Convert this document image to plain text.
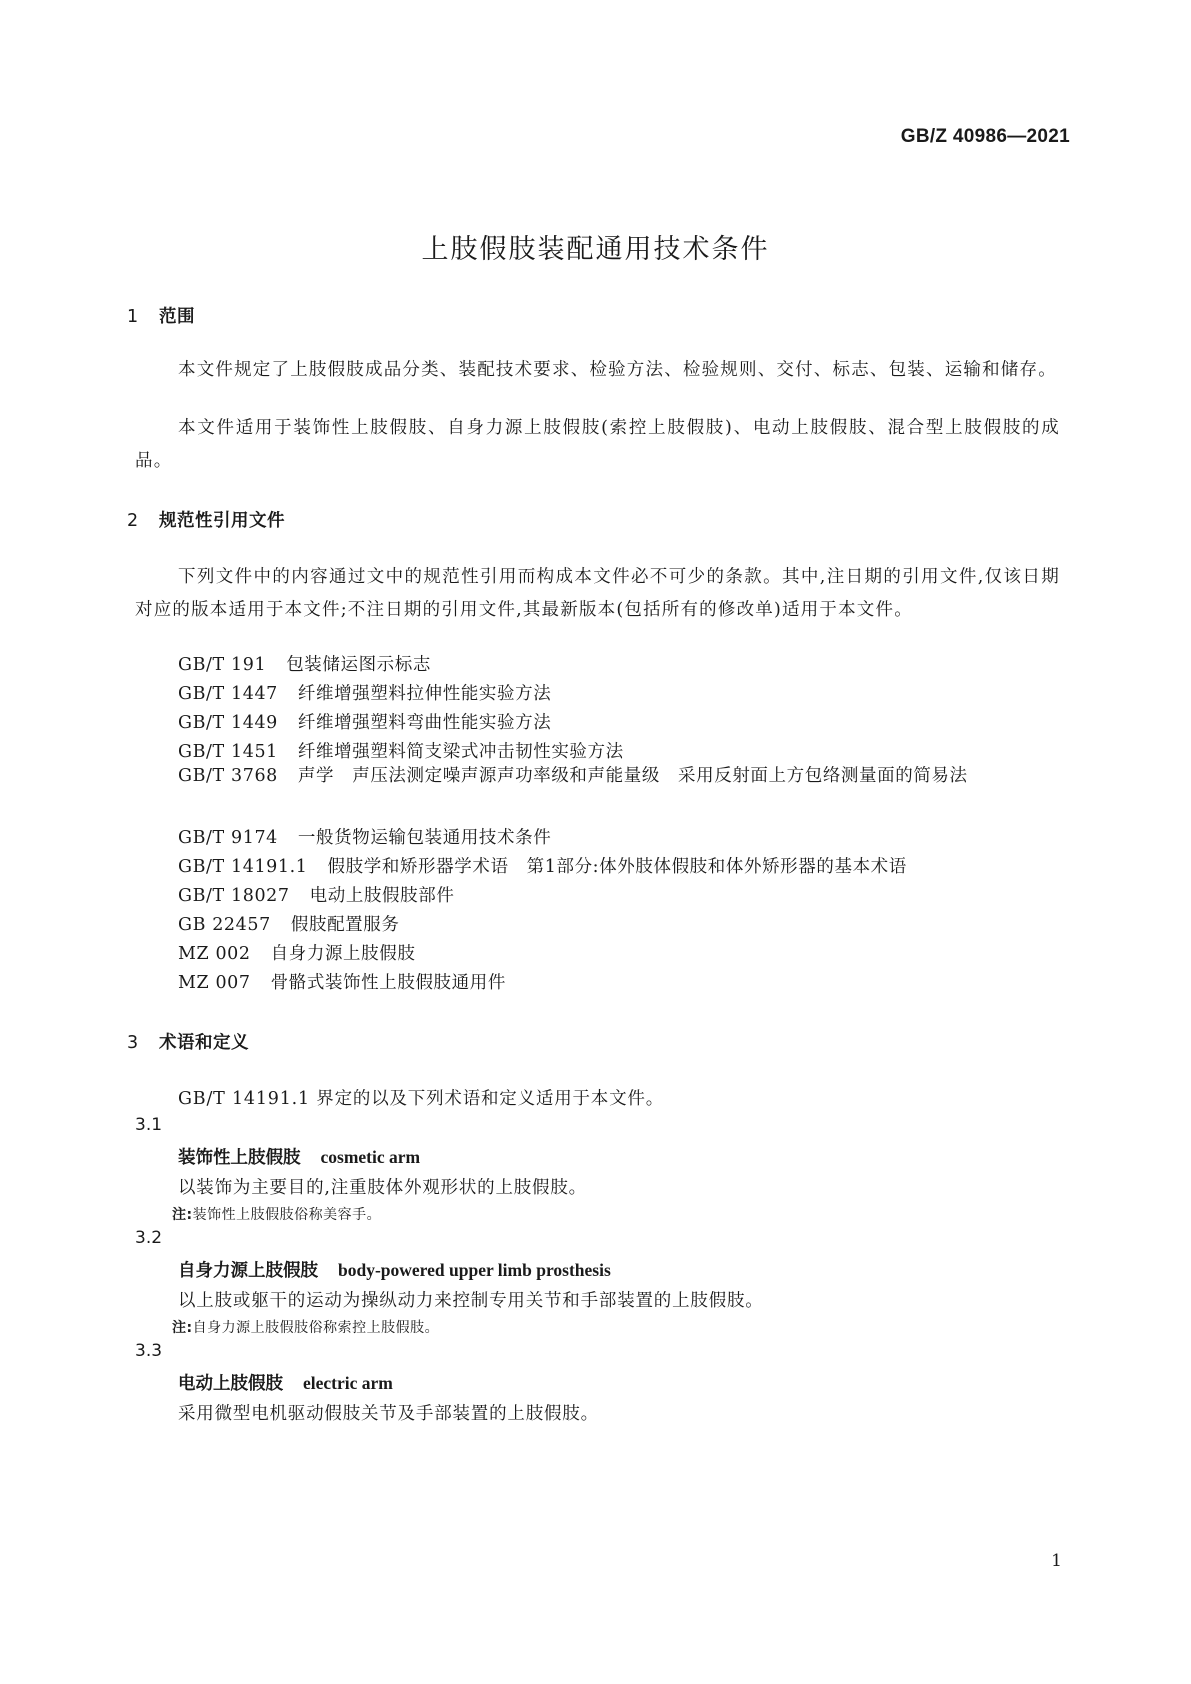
GB/Z 40986—2021
上肢假肢装配通用技术条件
1 范围
本文件规定了上肢假肢成品分类、装配技术要求、检验方法、检验规则、交付、标志、包装、运输和储存。
本文件适用于装饰性上肢假肢、自身力源上肢假肢(索控上肢假肢)、电动上肢假肢、混合型上肢假肢的成品。
2 规范性引用文件
下列文件中的内容通过文中的规范性引用而构成本文件必不可少的条款。其中,注日期的引用文件,仅该日期对应的版本适用于本文件;不注日期的引用文件,其最新版本(包括所有的修改单)适用于本文件。
GB/T 191 包装储运图示标志
GB/T 1447 纤维增强塑料拉伸性能实验方法
GB/T 1449 纤维增强塑料弯曲性能实验方法
GB/T 1451 纤维增强塑料简支梁式冲击韧性实验方法
GB/T 3768 声学　声压法测定噪声源声功率级和声能量级　采用反射面上方包络测量面的简易法
GB/T 9174 一般货物运输包装通用技术条件
GB/T 14191.1 假肢学和矫形器学术语　第1部分:体外肢体假肢和体外矫形器的基本术语
GB/T 18027 电动上肢假肢部件
GB 22457 假肢配置服务
MZ 002 自身力源上肢假肢
MZ 007 骨骼式装饰性上肢假肢通用件
3 术语和定义
GB/T 14191.1 界定的以及下列术语和定义适用于本文件。
3.1
装饰性上肢假肢 cosmetic arm
以装饰为主要目的,注重肢体外观形状的上肢假肢。
注:装饰性上肢假肢俗称美容手。
3.2
自身力源上肢假肢 body-powered upper limb prosthesis
以上肢或躯干的运动为操纵动力来控制专用关节和手部装置的上肢假肢。
注:自身力源上肢假肢俗称索控上肢假肢。
3.3
电动上肢假肢 electric arm
采用微型电机驱动假肢关节及手部装置的上肢假肢。
1
